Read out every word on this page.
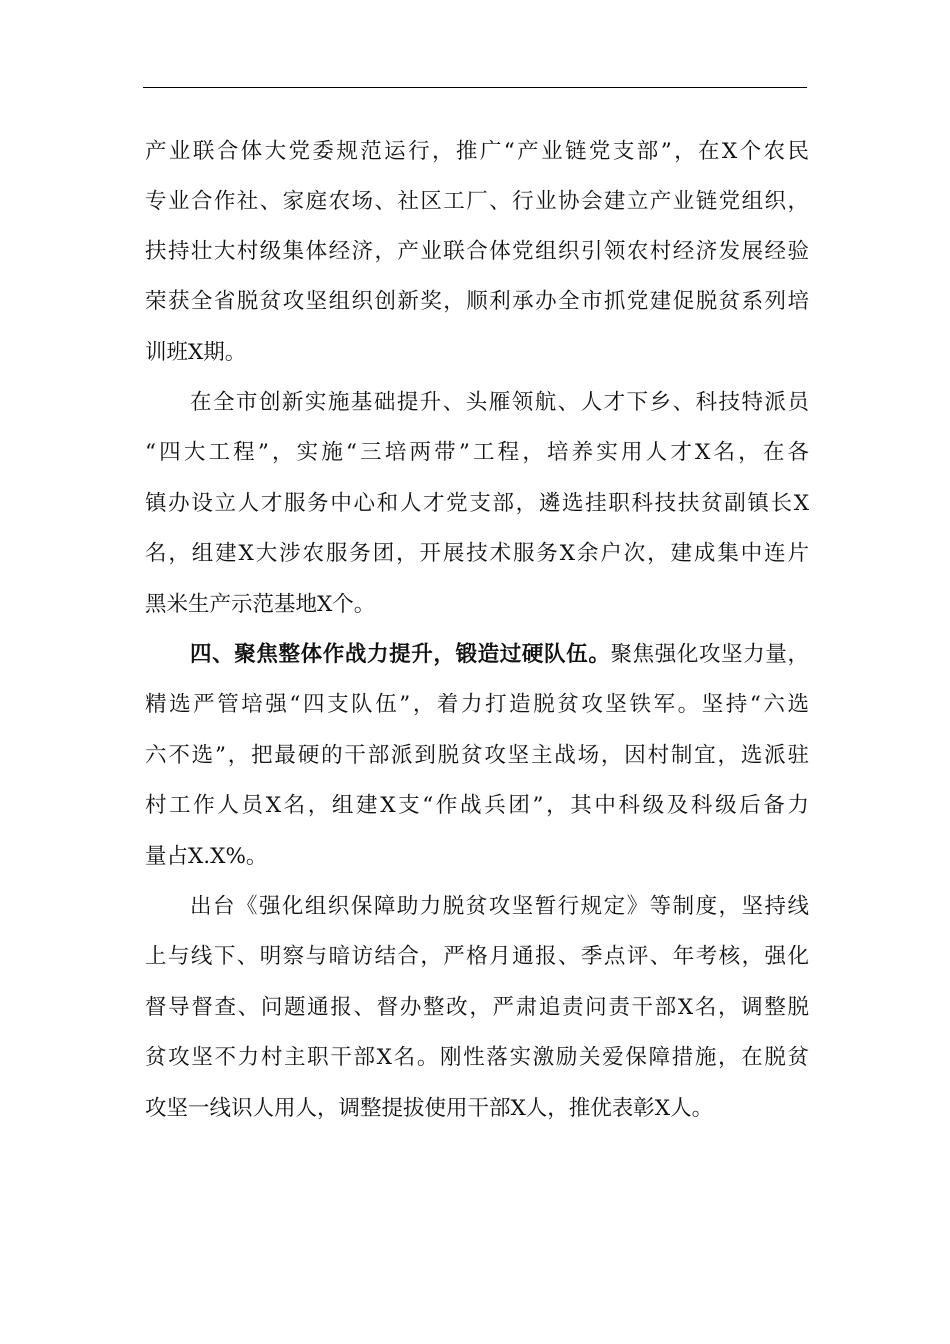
产业联合体大党委规范运行，推广“产业链党支部”，在X个农民
专业合作社、家庭农场、社区工厂、行业协会建立产业链党组织，
扶持壮大村级集体经济，产业联合体党组织引领农村经济发展经验
荣获全省脱贫攻坚组织创新奖，顺利承办全市抓党建促脱贫系列培
训班X期。
在全市创新实施基础提升、头雁领航、人才下乡、科技特派员
“四大工程”，实施“三培两带”工程，培养实用人才X名，在各
镇办设立人才服务中心和人才党支部，遴选挂职科技扶贫副镇长X
名，组建X大涉农服务团，开展技术服务X余户次，建成集中连片
黑米生产示范基地X个。
四、聚焦整体作战力提升，锻造过硬队伍。聚焦强化攻坚力量，
精选严管培强“四支队伍”，着力打造脱贫攻坚铁军。坚持“六选
六不选”，把最硬的干部派到脱贫攻坚主战场，因村制宜，选派驻
村工作人员X名，组建X支“作战兵团”，其中科级及科级后备力
量占X.X%。
出台《强化组织保障助力脱贫攻坚暂行规定》等制度，坚持线
上与线下、明察与暗访结合，严格月通报、季点评、年考核，强化
督导督查、问题通报、督办整改，严肃追责问责干部X名，调整脱
贫攻坚不力村主职干部X名。刚性落实激励关爱保障措施，在脱贫
攻坚一线识人用人，调整提拔使用干部X人，推优表彰X人。
